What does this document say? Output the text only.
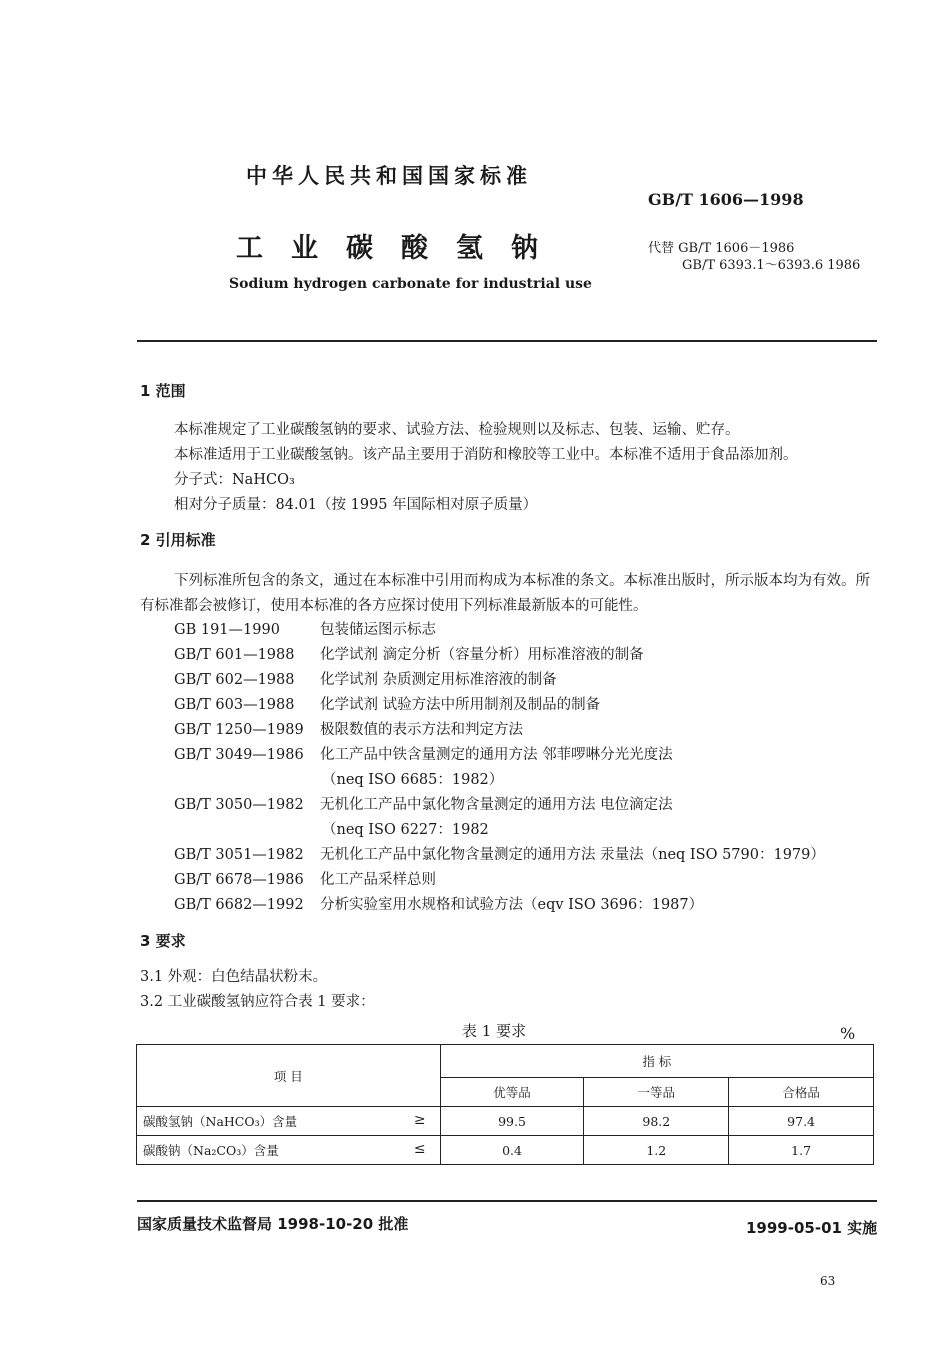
中华人民共和国国家标准
GB/T 1606—1998
工业碳酸氢钠	代替 GB/T 1606－1986
GB/T 6393.1～6393.6 1986
Sodium hydrogen carbonate for industrial use
1 范围
本标准规定了工业碳酸氢钠的要求、试验方法、检验规则以及标志、包装、运输、贮存。
本标准适用于工业碳酸氢钠。该产品主要用于消防和橡胶等工业中。本标准不适用于食品添加剂。
分子式：NaHCO₃
相对分子质量：84.01（按 1995 年国际相对原子质量）
2 引用标准
下列标准所包含的条文，通过在本标准中引用而构成为本标准的条文。本标准出版时，所示版本均为有效。所有标准都会被修订，使用本标准的各方应探讨使用下列标准最新版本的可能性。
GB 191—1990	包装储运图示标志
GB/T 601—1988 化学试剂 滴定分析（容量分析）用标准溶液的制备
GB/T 602—1988 化学试剂 杂质测定用标准溶液的制备
GB/T 603—1988 化学试剂 试验方法中所用制剂及制品的制备
GB/T 1250—1989 极限数值的表示方法和判定方法
GB/T 3049—1986 化工产品中铁含量测定的通用方法 邻菲啰啉分光光度法
（neq ISO 6685：1982）
GB/T 3050—1982 无机化工产品中氯化物含量测定的通用方法 电位滴定法
（neq ISO 6227：1982
GB/T 3051—1982 无机化工产品中氯化物含量测定的通用方法 汞量法（neq ISO 5790：1979）
GB/T 6678—1986 化工产品采样总则
GB/T 6682—1992 分析实验室用水规格和试验方法（eqv ISO 3696：1987）
3 要求
3.1 外观：白色结晶状粉末。
3.2 工业碳酸氢钠应符合表 1 要求：
表 1 要求	%
项 目	指 标		
	优等品	一等品	合格品
碳酸氢钠（NaHCO₃）含量 ≥	99.5	98.2	97.4
碳酸钠（Na₂CO₃）含量 ≤	0.4	1.2	1.7
国家质量技术监督局 1998-10-20 批准	1999-05-01 实施
63
